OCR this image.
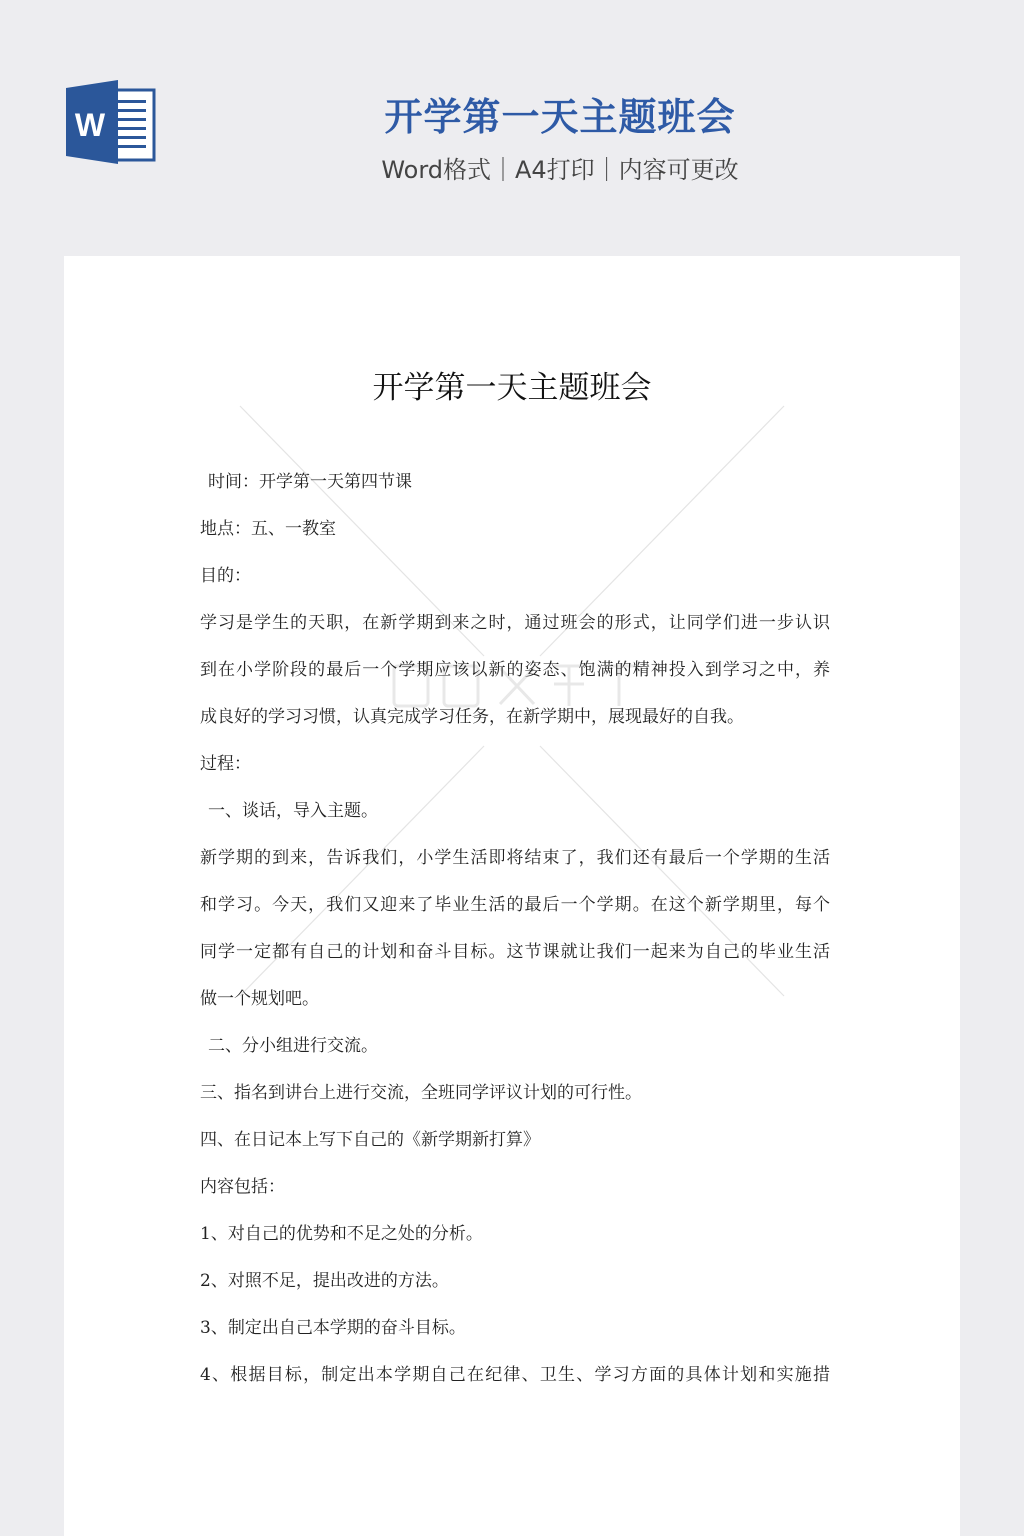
W	开学第一天主题班会
Word格式｜A4打印｜内容可更改
开学第一天主题班会
时间：开学第一天第四节课
地点：五、一教室
目的：
学习是学生的天职，在新学期到来之时，通过班会的形式，让同学们进一步认识
到在小学阶段的最后一个学期应该以新的姿态、饱满的精神投入到学习之中，养
成良好的学习习惯，认真完成学习任务，在新学期中，展现最好的自我。
过程：
一、谈话，导入主题。
新学期的到来，告诉我们，小学生活即将结束了，我们还有最后一个学期的生活
和学习。今天，我们又迎来了毕业生活的最后一个学期。在这个新学期里，每个
同学一定都有自己的计划和奋斗目标。这节课就让我们一起来为自己的毕业生活
做一个规划吧。
二、分小组进行交流。
三、指名到讲台上进行交流，全班同学评议计划的可行性。
四、在日记本上写下自己的《新学期新打算》
内容包括：
1、对自己的优势和不足之处的分析。
2、对照不足，提出改进的方法。
3、制定出自己本学期的奋斗目标。
4、根据目标，制定出本学期自己在纪律、卫生、学习方面的具体计划和实施措
